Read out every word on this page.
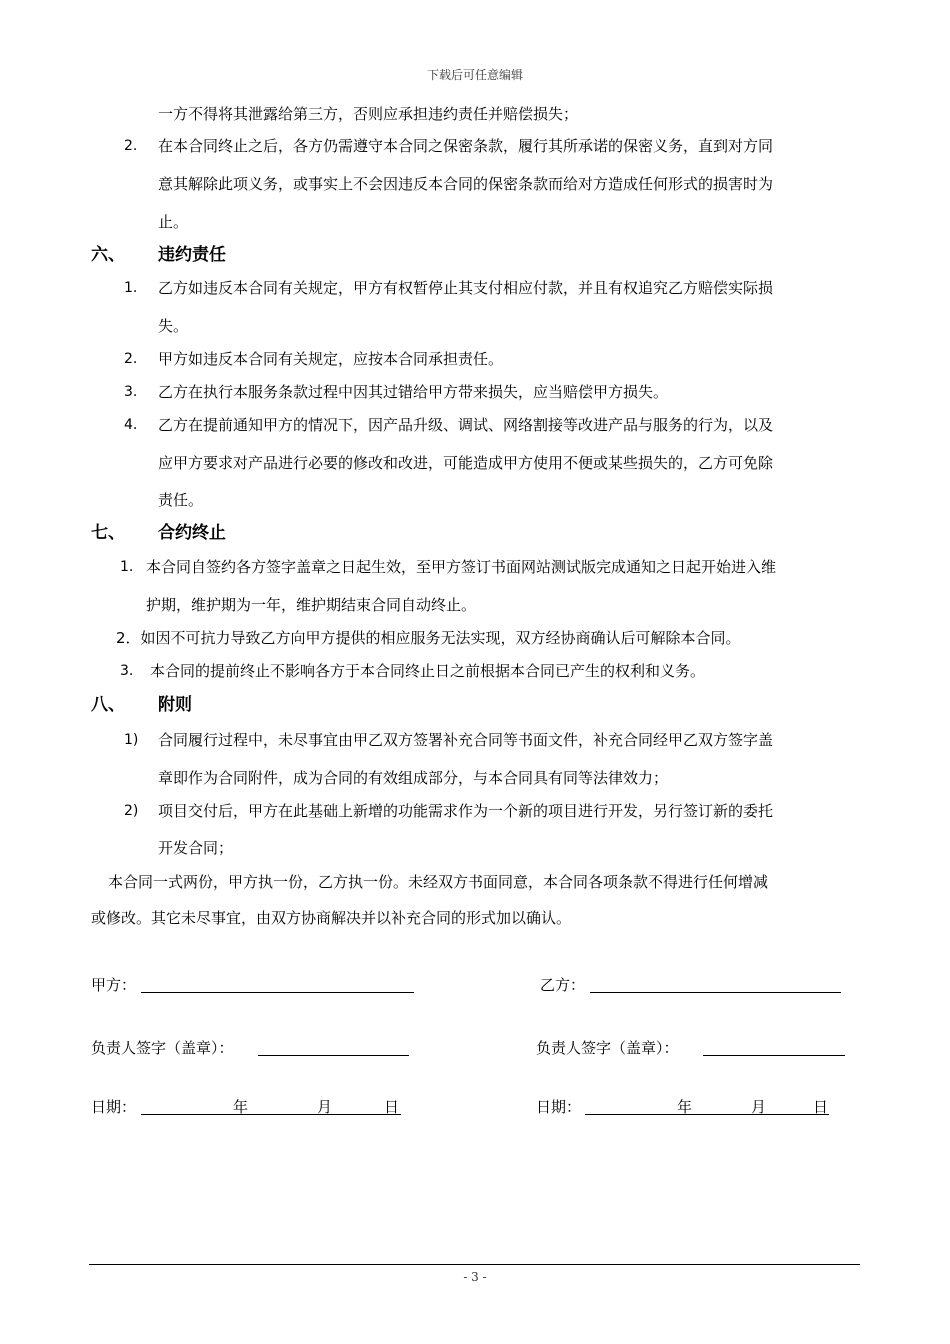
下载后可任意编辑
一方不得将其泄露给第三方，否则应承担违约责任并赔偿损失；
2. 在本合同终止之后，各方仍需遵守本合同之保密条款，履行其所承诺的保密义务，直到对方同
意其解除此项义务，或事实上不会因违反本合同的保密条款而给对方造成任何形式的损害时为
止。
六、 违约责任
1. 乙方如违反本合同有关规定，甲方有权暂停止其支付相应付款，并且有权追究乙方赔偿实际损
失。
2. 甲方如违反本合同有关规定，应按本合同承担责任。
3. 乙方在执行本服务条款过程中因其过错给甲方带来损失，应当赔偿甲方损失。
4. 乙方在提前通知甲方的情况下，因产品升级、调试、网络割接等改进产品与服务的行为，以及
应甲方要求对产品进行必要的修改和改进，可能造成甲方使用不便或某些损失的，乙方可免除
责任。
七、 合约终止
1. 本合同自签约各方签字盖章之日起生效，至甲方签订书面网站测试版完成通知之日起开始进入维
护期，维护期为一年，维护期结束合同自动终止。
2．如因不可抗力导致乙方向甲方提供的相应服务无法实现，双方经协商确认后可解除本合同。
3. 本合同的提前终止不影响各方于本合同终止日之前根据本合同已产生的权利和义务。
八、 附则
1) 合同履行过程中，未尽事宜由甲乙双方签署补充合同等书面文件，补充合同经甲乙双方签字盖
章即作为合同附件，成为合同的有效组成部分，与本合同具有同等法律效力；
2) 项目交付后，甲方在此基础上新增的功能需求作为一个新的项目进行开发，另行签订新的委托
开发合同；
本合同一式两份，甲方执一份，乙方执一份。未经双方书面同意，本合同各项条款不得进行任何增减
或修改。其它未尽事宜，由双方协商解决并以补充合同的形式加以确认。
甲方：
负责人签字（盖章）：
日期：	年	月	日
乙方：
负责人签字（盖章）：
日期：	年	月	日
- 3 -
